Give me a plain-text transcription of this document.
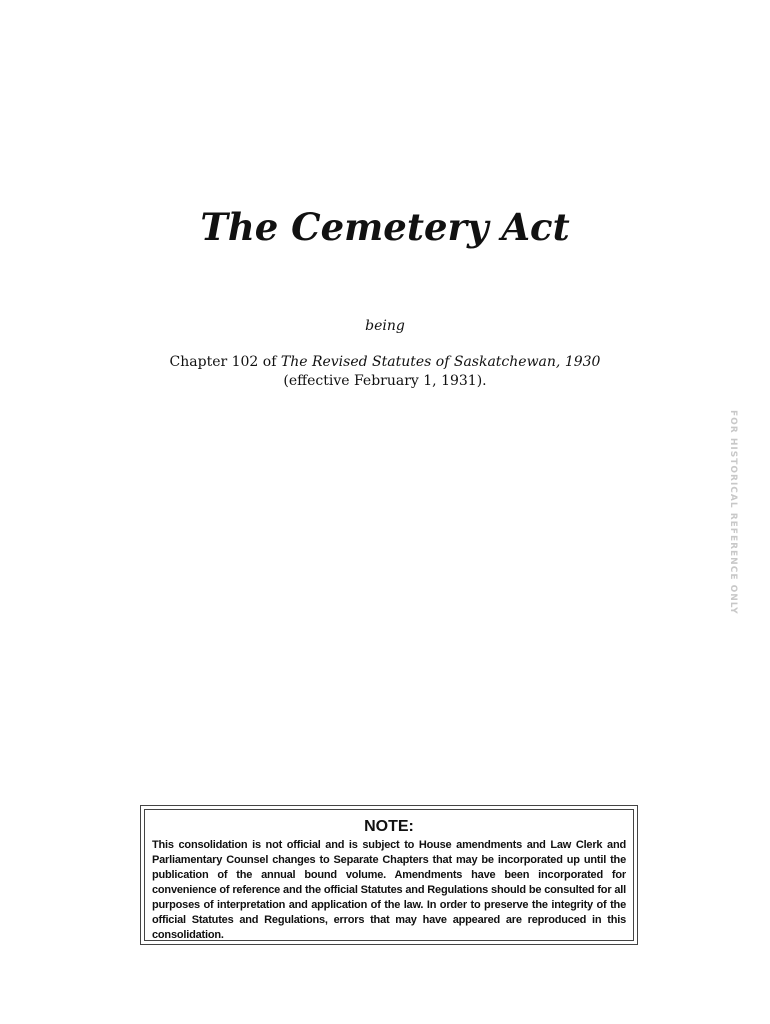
The Cemetery Act
being
Chapter 102 of The Revised Statutes of Saskatchewan, 1930
(effective February 1, 1931).
FOR HISTORICAL REFERENCE ONLY
NOTE:

This consolidation is not official and is subject to House amendments and Law Clerk and Parliamentary Counsel changes to Separate Chapters that may be incorporated up until the publication of the annual bound volume. Amendments have been incorporated for convenience of reference and the official Statutes and Regulations should be consulted for all purposes of interpretation and application of the law. In order to preserve the integrity of the official Statutes and Regulations, errors that may have appeared are reproduced in this consolidation.
